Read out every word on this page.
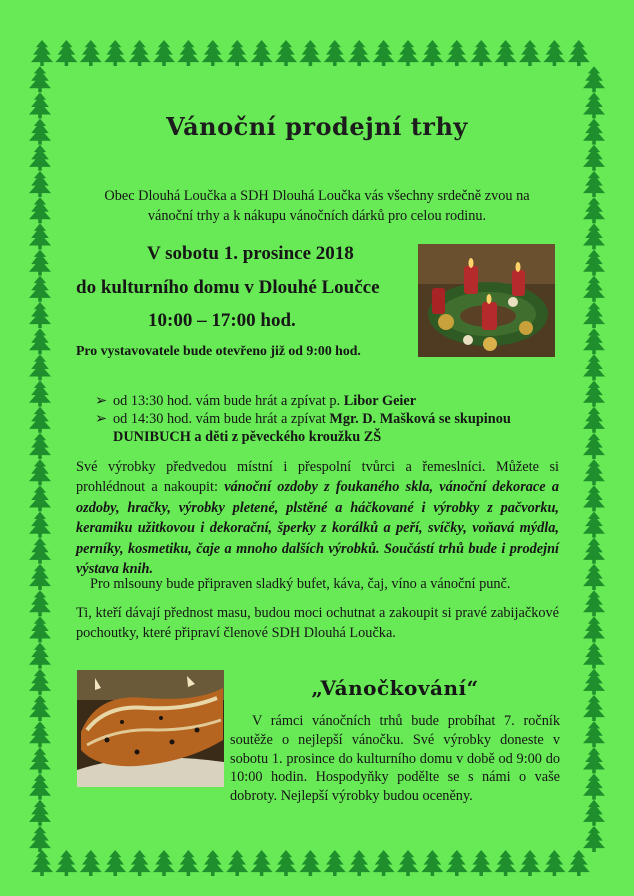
Vánoční prodejní trhy
Obec Dlouhá Loučka a SDH Dlouhá Loučka vás všechny srdečně zvou na vánoční trhy a k nákupu vánočních dárků pro celou rodinu.
V sobotu 1. prosince 2018
do kulturního domu v Dlouhé Loučce
10:00 – 17:00 hod.
Pro vystavovatele bude otevřeno již od 9:00 hod.
➢ od 13:30 hod. vám bude hrát a zpívat p. Libor Geier
➢ od 14:30 hod. vám bude hrát a zpívat Mgr. D. Mašková se skupinou
DUNIBUCH a děti z pěveckého kroužku ZŠ
Své výrobky předvedou místní i přespolní tvůrci a řemeslníci. Můžete si prohlédnout a nakoupit: vánoční ozdoby z foukaného skla, vánoční dekorace a ozdoby, hračky, výrobky pletené, plstěné a háčkované i výrobky z pačvorku, keramiku užitkovou i dekorační, šperky z korálků a peří, svíčky, voňavá mýdla, perníky, kosmetiku, čaje a mnoho dalších výrobků. Součástí trhů bude i prodejní výstava knih.
Pro mlsouny bude připraven sladký bufet, káva, čaj, víno a vánoční punč.
Ti, kteří dávají přednost masu, budou moci ochutnat a zakoupit si pravé zabijačkové pochoutky, které připraví členové SDH Dlouhá Loučka.
„Vánočkování“
V rámci vánočních trhů bude probíhat 7. ročník soutěže o nejlepší vánočku. Své výrobky doneste v sobotu 1. prosince do kulturního domu v době od 9:00 do 10:00 hodin. Hospodyňky podělte se s námi o vaše dobroty. Nejlepší výrobky budou oceněny.
